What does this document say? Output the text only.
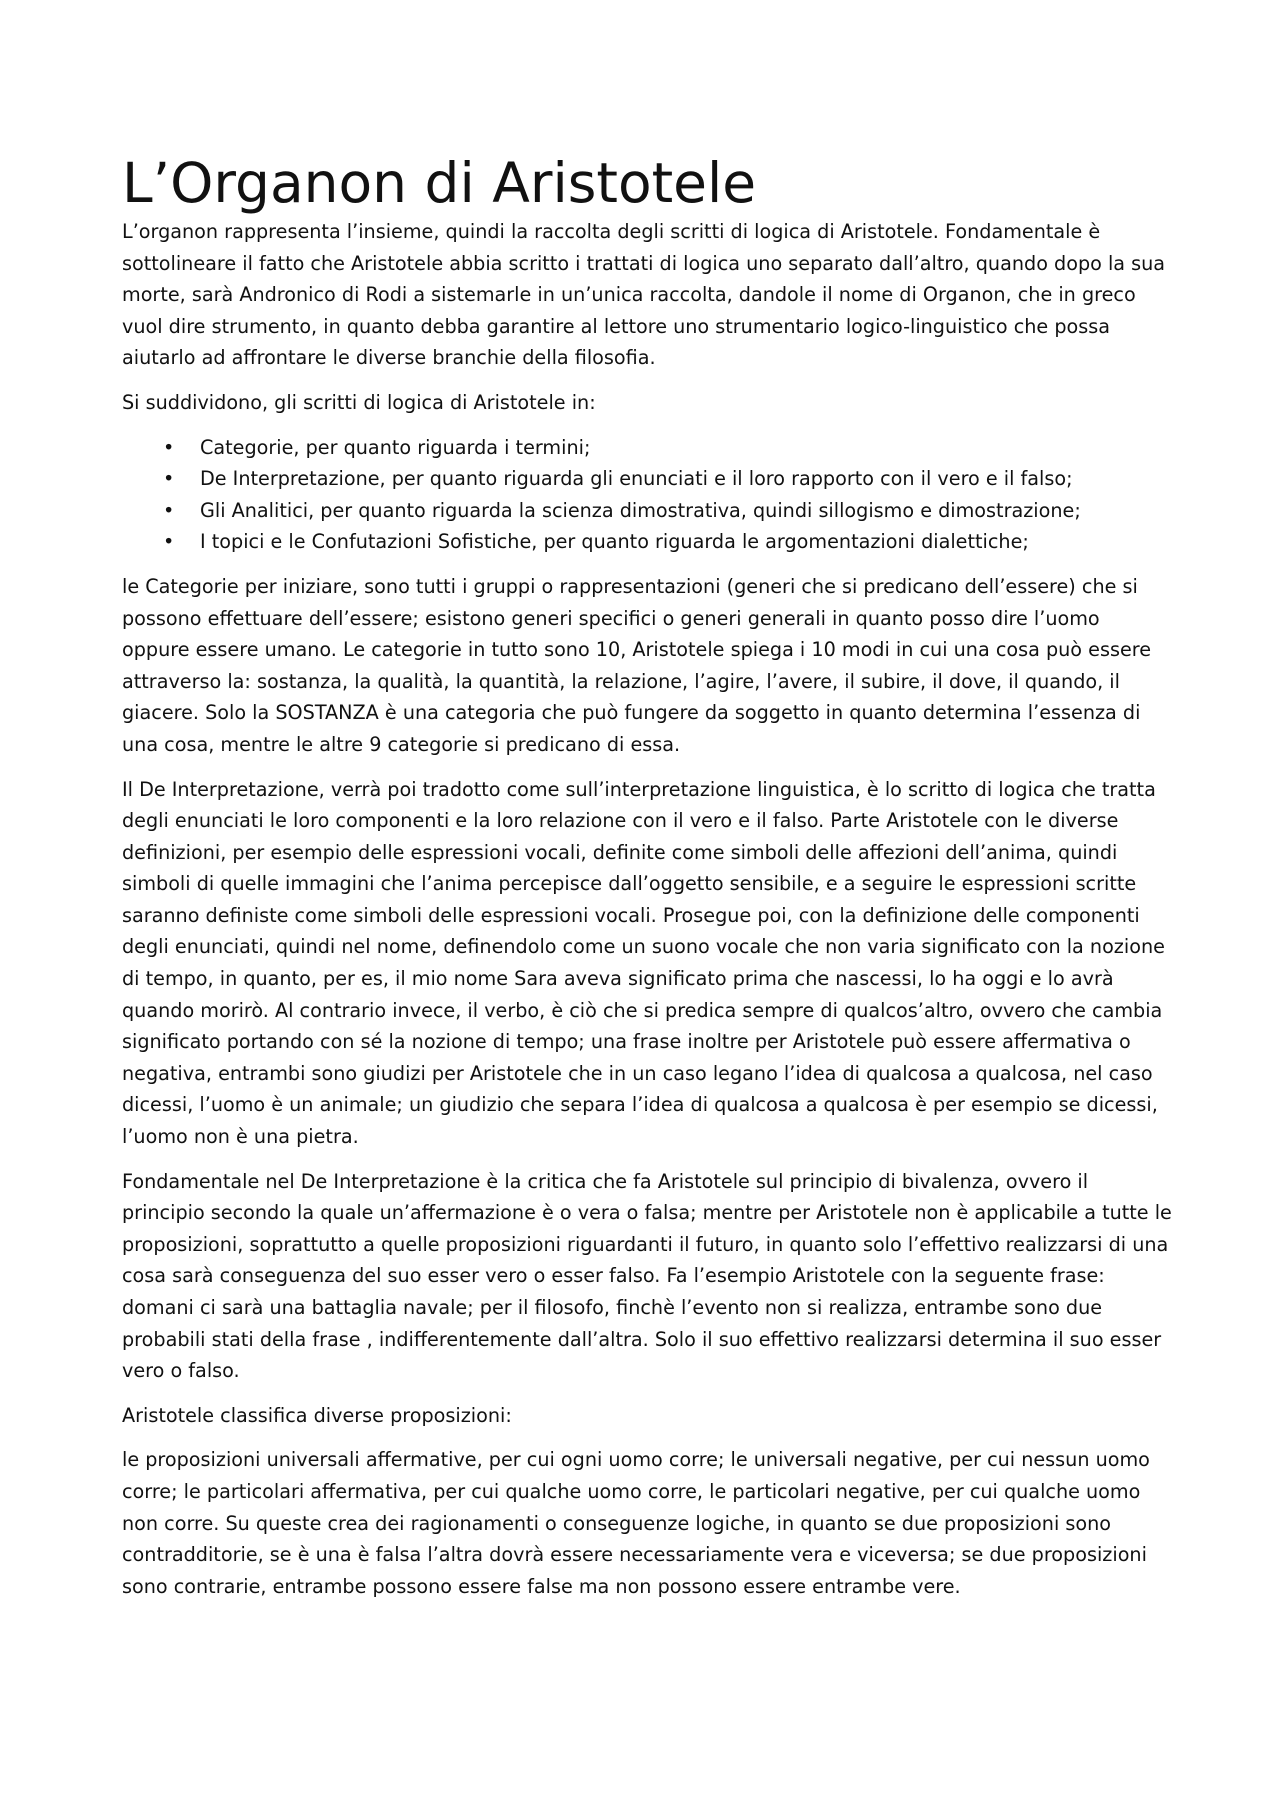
L’Organon di Aristotele

L’organon rappresenta l’insieme, quindi la raccolta degli scritti di logica di Aristotele. Fondamentale è sottolineare il fatto che Aristotele abbia scritto i trattati di logica uno separato dall’altro, quando dopo la sua morte, sarà Andronico di Rodi a sistemarle in un’unica raccolta, dandole il nome di Organon, che in greco vuol dire strumento, in quanto debba garantire al lettore uno strumentario logico-linguistico che possa aiutarlo ad affrontare le diverse branchie della filosofia.

Si suddividono, gli scritti di logica di Aristotele in:

• Categorie, per quanto riguarda i termini;
• De Interpretazione, per quanto riguarda gli enunciati e il loro rapporto con il vero e il falso;
• Gli Analitici, per quanto riguarda la scienza dimostrativa, quindi sillogismo e dimostrazione;
• I topici e le Confutazioni Sofistiche, per quanto riguarda le argomentazioni dialettiche;

le Categorie per iniziare, sono tutti i gruppi o rappresentazioni (generi che si predicano dell’essere) che si possono effettuare dell’essere; esistono generi specifici o generi generali in quanto posso dire l’uomo oppure essere umano. Le categorie in tutto sono 10, Aristotele spiega i 10 modi in cui una cosa può essere attraverso la: sostanza, la qualità, la quantità, la relazione, l’agire, l’avere, il subire, il dove, il quando, il giacere. Solo la SOSTANZA è una categoria che può fungere da soggetto in quanto determina l’essenza di una cosa, mentre le altre 9 categorie si predicano di essa.

Il De Interpretazione, verrà poi tradotto come sull’interpretazione linguistica, è lo scritto di logica che tratta degli enunciati le loro componenti e la loro relazione con il vero e il falso. Parte Aristotele con le diverse definizioni, per esempio delle espressioni vocali, definite come simboli delle affezioni dell’anima, quindi simboli di quelle immagini che l’anima percepisce dall’oggetto sensibile, e a seguire le espressioni scritte saranno definiste come simboli delle espressioni vocali. Prosegue poi, con la definizione delle componenti degli enunciati, quindi nel nome, definendolo come un suono vocale che non varia significato con la nozione di tempo, in quanto, per es, il mio nome Sara aveva significato prima che nascessi, lo ha oggi e lo avrà quando morirò. Al contrario invece, il verbo, è ciò che si predica sempre di qualcos’altro, ovvero che cambia significato portando con sé la nozione di tempo; una frase inoltre per Aristotele può essere affermativa o negativa, entrambi sono giudizi per Aristotele che in un caso legano l’idea di qualcosa a qualcosa, nel caso dicessi, l’uomo è un animale; un giudizio che separa l’idea di qualcosa a qualcosa è per esempio se dicessi, l’uomo non è una pietra.

Fondamentale nel De Interpretazione è la critica che fa Aristotele sul principio di bivalenza, ovvero il principio secondo la quale un’affermazione è o vera o falsa; mentre per Aristotele non è applicabile a tutte le proposizioni, soprattutto a quelle proposizioni riguardanti il futuro, in quanto solo l’effettivo realizzarsi di una cosa sarà conseguenza del suo esser vero o esser falso. Fa l’esempio Aristotele con la seguente frase: domani ci sarà una battaglia navale; per il filosofo, finchè l’evento non si realizza, entrambe sono due probabili stati della frase , indifferentemente dall’altra. Solo il suo effettivo realizzarsi determina il suo esser vero o falso.

Aristotele classifica diverse proposizioni:

le proposizioni universali affermative, per cui ogni uomo corre; le universali negative, per cui nessun uomo corre; le particolari affermativa, per cui qualche uomo corre, le particolari negative, per cui qualche uomo non corre. Su queste crea dei ragionamenti o conseguenze logiche, in quanto se due proposizioni sono contradditorie, se è una è falsa l’altra dovrà essere necessariamente vera e viceversa; se due proposizioni sono contrarie, entrambe possono essere false ma non possono essere entrambe vere.
